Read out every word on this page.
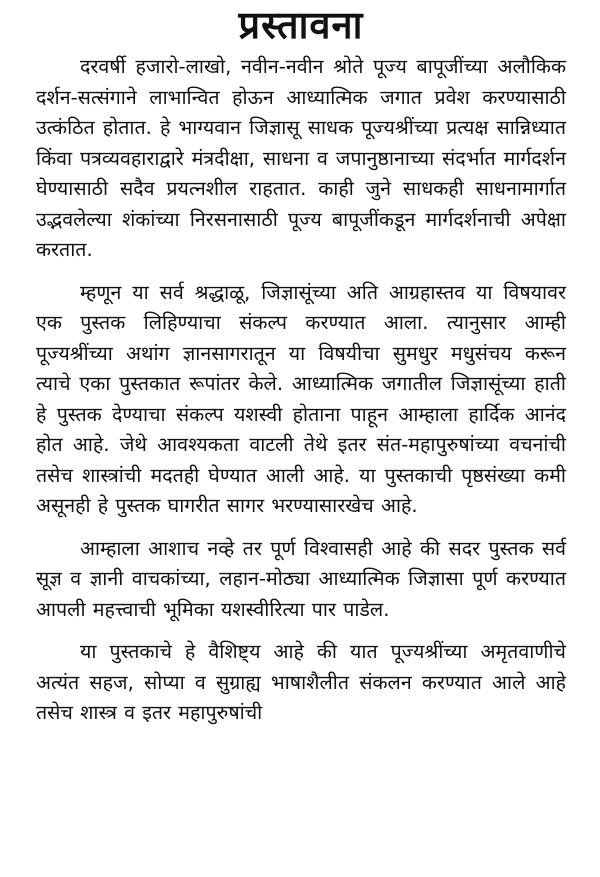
प्रस्तावना

दरवर्षी हजारो-लाखो, नवीन-नवीन श्रोते पूज्य बापूजींच्या अलौकिक दर्शन-सत्संगाने लाभान्वित होऊन आध्यात्मिक जगात प्रवेश करण्यासाठी उत्कंठित होतात. हे भाग्यवान जिज्ञासू साधक पूज्यश्रींच्या प्रत्यक्ष सान्निध्यात किंवा पत्रव्यवहाराद्वारे मंत्रदीक्षा, साधना व जपानुष्ठानाच्या संदर्भात मार्गदर्शन घेण्यासाठी सदैव प्रयत्नशील राहतात. काही जुने साधकही साधनामार्गात उद्भवलेल्या शंकांच्या निरसनासाठी पूज्य बापूजींकडून मार्गदर्शनाची अपेक्षा करतात.

म्हणून या सर्व श्रद्धाळू, जिज्ञासूंच्या अति आग्रहास्तव या विषयावर एक पुस्तक लिहिण्याचा संकल्प करण्यात आला. त्यानुसार आम्ही पूज्यश्रींच्या अथांग ज्ञानसागरातून या विषयीचा सुमधुर मधुसंचय करून त्याचे एका पुस्तकात रूपांतर केले. आध्यात्मिक जगातील जिज्ञासूंच्या हाती हे पुस्तक देण्याचा संकल्प यशस्वी होताना पाहून आम्हाला हार्दिक आनंद होत आहे. जेथे आवश्यकता वाटली तेथे इतर संत-महापुरुषांच्या वचनांची तसेच शास्त्रांची मदतही घेण्यात आली आहे. या पुस्तकाची पृष्ठसंख्या कमी असूनही हे पुस्तक घागरीत सागर भरण्यासारखेच आहे.

आम्हाला आशाच नव्हे तर पूर्ण विश्वासही आहे की सदर पुस्तक सर्व सूज्ञ व ज्ञानी वाचकांच्या, लहान-मोठ्या आध्यात्मिक जिज्ञासा पूर्ण करण्यात आपली महत्त्वाची भूमिका यशस्वीरित्या पार पाडेल.

या पुस्तकाचे हे वैशिष्ट्य आहे की यात पूज्यश्रींच्या अमृतवाणीचे अत्यंत सहज, सोप्या व सुग्राह्य भाषाशैलीत संकलन करण्यात आले आहे तसेच शास्त्र व इतर महापुरुषांची
